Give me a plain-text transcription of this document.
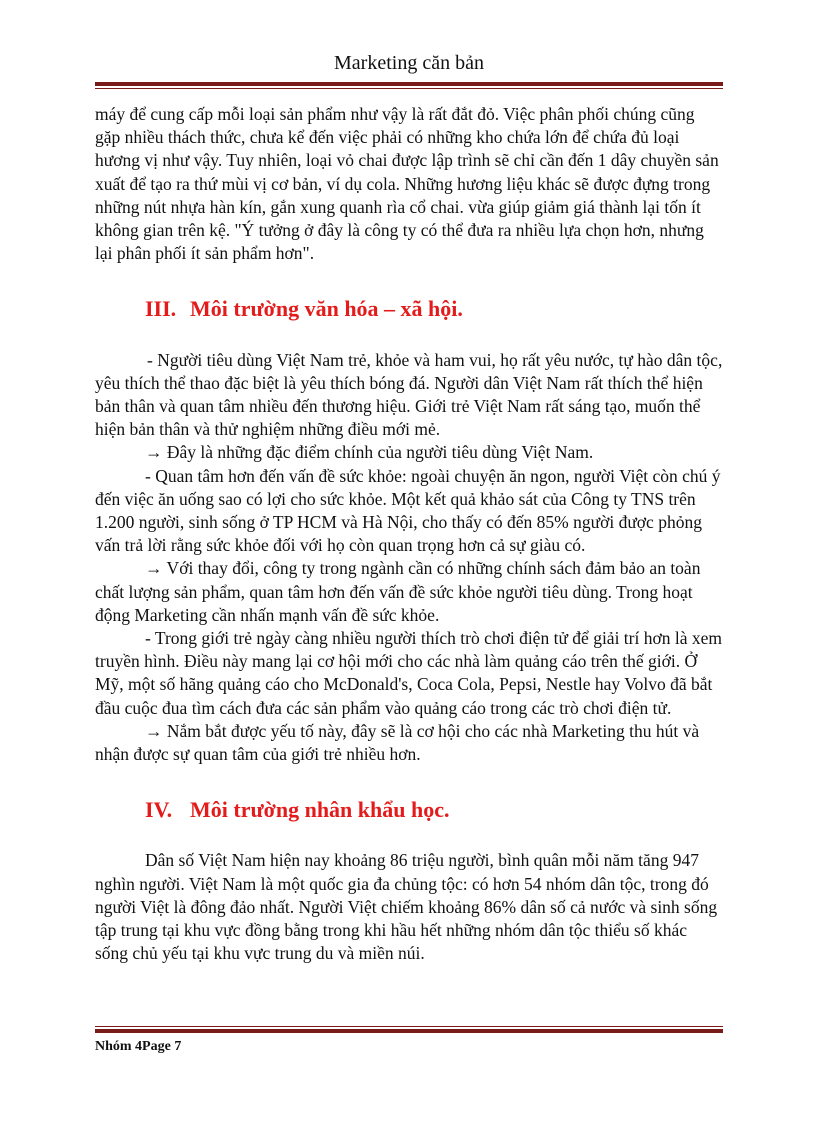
Marketing căn bản

máy để cung cấp mỗi loại sản phẩm như vậy là rất đắt đỏ. Việc phân phối chúng cũng gặp nhiều thách thức, chưa kể đến việc phải có những kho chứa lớn để chứa đủ loại hương vị như vậy. Tuy nhiên, loại vỏ chai được lập trình sẽ chỉ cần đến 1 dây chuyền sản xuất để tạo ra thứ mùi vị cơ bản, ví dụ cola. Những hương liệu khác sẽ được đựng trong những nút nhựa hàn kín, gắn xung quanh rìa cổ chai. vừa giúp giảm giá thành lại tốn ít không gian trên kệ. "Ý tưởng ở đây là công ty có thể đưa ra nhiều lựa chọn hơn, nhưng lại phân phối ít sản phẩm hơn".

III. Môi trường văn hóa – xã hội.

- Người tiêu dùng Việt Nam trẻ, khỏe và ham vui, họ rất yêu nước, tự hào dân tộc, yêu thích thể thao đặc biệt là yêu thích bóng đá. Người dân Việt Nam rất thích thể hiện bản thân và quan tâm nhiều đến thương hiệu. Giới trẻ Việt Nam rất sáng tạo, muốn thể hiện bản thân và thử nghiệm những điều mới mẻ.

→ Đây là những đặc điểm chính của người tiêu dùng Việt Nam.

- Quan tâm hơn đến vấn đề sức khỏe: ngoài chuyện ăn ngon, người Việt còn chú ý đến việc ăn uống sao có lợi cho sức khỏe. Một kết quả khảo sát của Công ty TNS trên 1.200 người, sinh sống ở TP HCM và Hà Nội, cho thấy có đến 85% người được phỏng vấn trả lời rằng sức khỏe đối với họ còn quan trọng hơn cả sự giàu có.

→ Với thay đổi, công ty trong ngành cần có những chính sách đảm bảo an toàn chất lượng sản phẩm, quan tâm hơn đến vấn đề sức khỏe người tiêu dùng. Trong hoạt động Marketing cần nhấn mạnh vấn đề sức khỏe.

- Trong giới trẻ ngày càng nhiều người thích trò chơi điện tử để giải trí hơn là xem truyền hình. Điều này mang lại cơ hội mới cho các nhà làm quảng cáo trên thế giới. Ở Mỹ, một số hãng quảng cáo cho McDonald's, Coca Cola, Pepsi, Nestle hay Volvo đã bắt đầu cuộc đua tìm cách đưa các sản phẩm vào quảng cáo trong các trò chơi điện tử.

→ Nắm bắt được yếu tố này, đây sẽ là cơ hội cho các nhà Marketing thu hút và nhận được sự quan tâm của giới trẻ nhiều hơn.

IV. Môi trường nhân khẩu học.

Dân số Việt Nam hiện nay khoảng 86 triệu người, bình quân mỗi năm tăng 947 nghìn người. Việt Nam là một quốc gia đa chủng tộc: có hơn 54 nhóm dân tộc, trong đó người Việt là đông đảo nhất. Người Việt chiếm khoảng 86% dân số cả nước và sinh sống tập trung tại khu vực đồng bằng trong khi hầu hết những nhóm dân tộc thiểu số khác sống chủ yếu tại khu vực trung du và miền núi.

Nhóm 4Page 7
